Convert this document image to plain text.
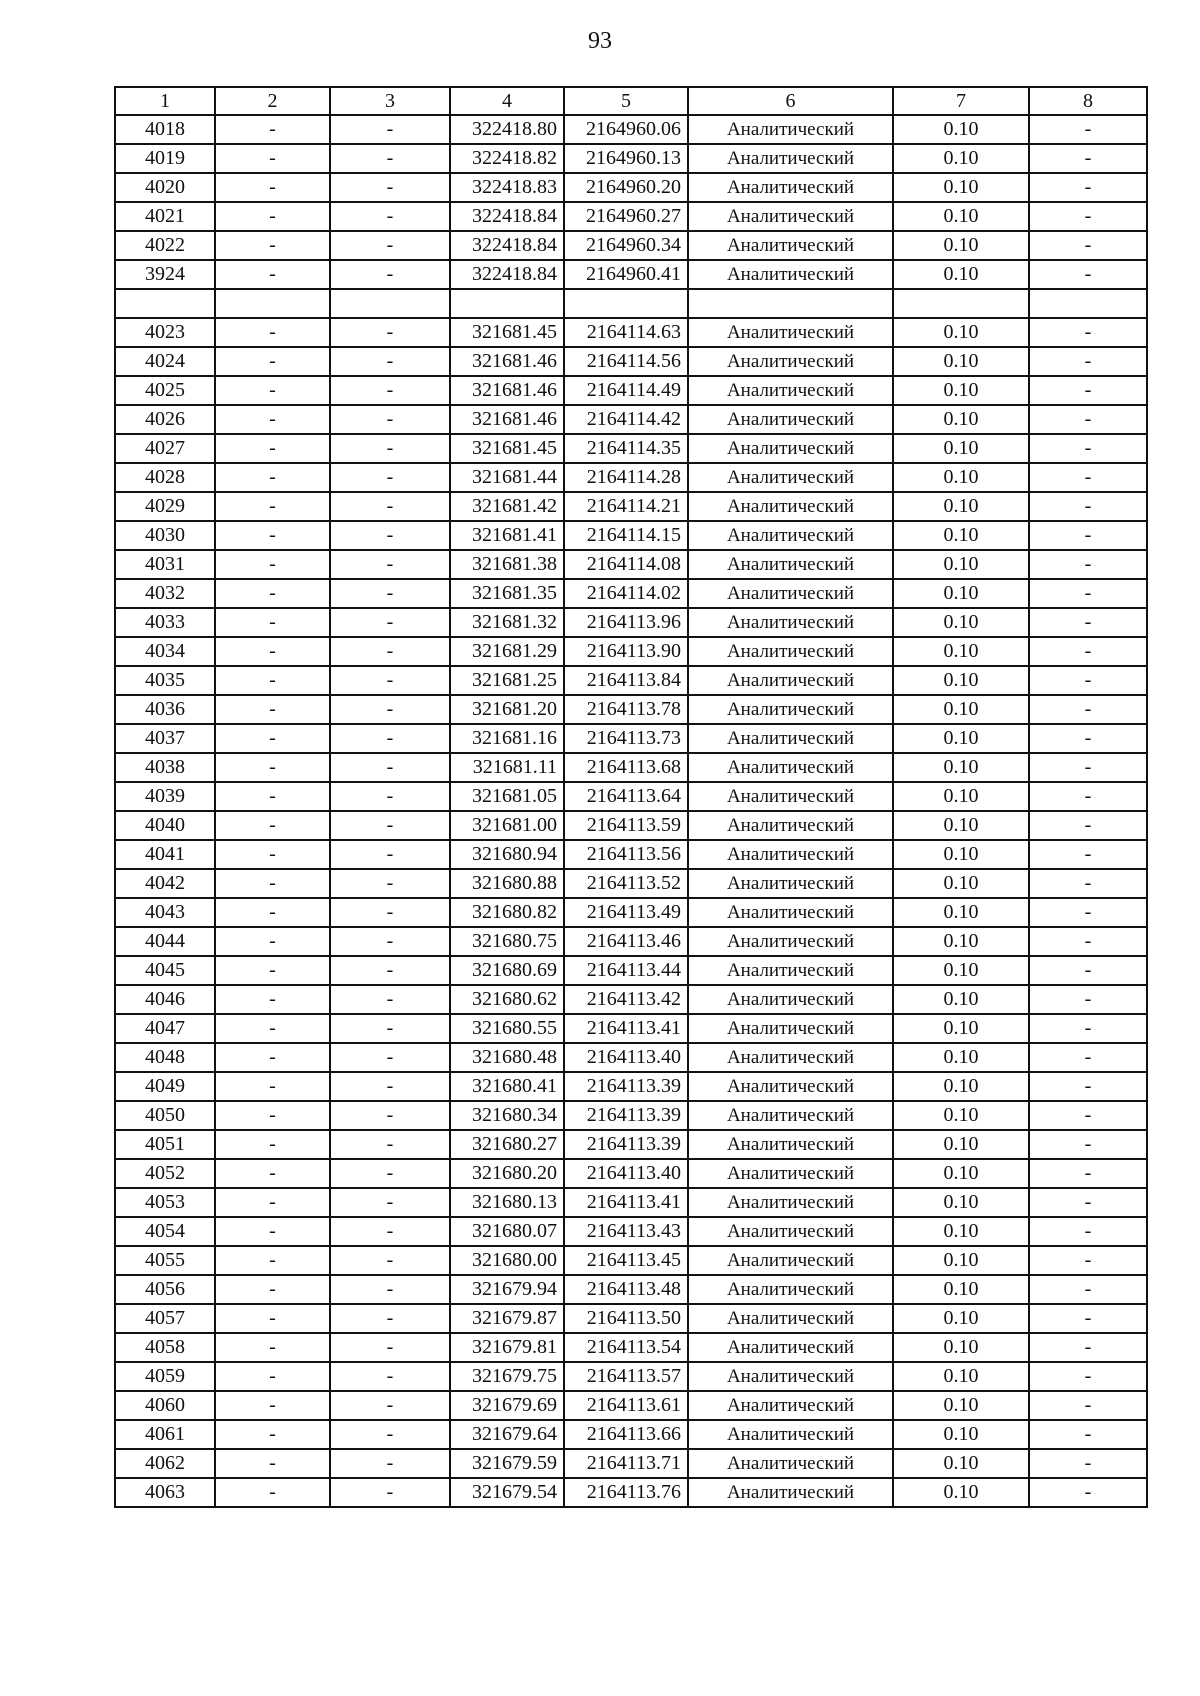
93
1	2	3	4	5	6	7	8
4018	-	-	322418.80	2164960.06	Аналитический	0.10	-
4019	-	-	322418.82	2164960.13	Аналитический	0.10	-
4020	-	-	322418.83	2164960.20	Аналитический	0.10	-
4021	-	-	322418.84	2164960.27	Аналитический	0.10	-
4022	-	-	322418.84	2164960.34	Аналитический	0.10	-
3924	-	-	322418.84	2164960.41	Аналитический	0.10	-

4023	-	-	321681.45	2164114.63	Аналитический	0.10	-
4024	-	-	321681.46	2164114.56	Аналитический	0.10	-
4025	-	-	321681.46	2164114.49	Аналитический	0.10	-
4026	-	-	321681.46	2164114.42	Аналитический	0.10	-
4027	-	-	321681.45	2164114.35	Аналитический	0.10	-
4028	-	-	321681.44	2164114.28	Аналитический	0.10	-
4029	-	-	321681.42	2164114.21	Аналитический	0.10	-
4030	-	-	321681.41	2164114.15	Аналитический	0.10	-
4031	-	-	321681.38	2164114.08	Аналитический	0.10	-
4032	-	-	321681.35	2164114.02	Аналитический	0.10	-
4033	-	-	321681.32	2164113.96	Аналитический	0.10	-
4034	-	-	321681.29	2164113.90	Аналитический	0.10	-
4035	-	-	321681.25	2164113.84	Аналитический	0.10	-
4036	-	-	321681.20	2164113.78	Аналитический	0.10	-
4037	-	-	321681.16	2164113.73	Аналитический	0.10	-
4038	-	-	321681.11	2164113.68	Аналитический	0.10	-
4039	-	-	321681.05	2164113.64	Аналитический	0.10	-
4040	-	-	321681.00	2164113.59	Аналитический	0.10	-
4041	-	-	321680.94	2164113.56	Аналитический	0.10	-
4042	-	-	321680.88	2164113.52	Аналитический	0.10	-
4043	-	-	321680.82	2164113.49	Аналитический	0.10	-
4044	-	-	321680.75	2164113.46	Аналитический	0.10	-
4045	-	-	321680.69	2164113.44	Аналитический	0.10	-
4046	-	-	321680.62	2164113.42	Аналитический	0.10	-
4047	-	-	321680.55	2164113.41	Аналитический	0.10	-
4048	-	-	321680.48	2164113.40	Аналитический	0.10	-
4049	-	-	321680.41	2164113.39	Аналитический	0.10	-
4050	-	-	321680.34	2164113.39	Аналитический	0.10	-
4051	-	-	321680.27	2164113.39	Аналитический	0.10	-
4052	-	-	321680.20	2164113.40	Аналитический	0.10	-
4053	-	-	321680.13	2164113.41	Аналитический	0.10	-
4054	-	-	321680.07	2164113.43	Аналитический	0.10	-
4055	-	-	321680.00	2164113.45	Аналитический	0.10	-
4056	-	-	321679.94	2164113.48	Аналитический	0.10	-
4057	-	-	321679.87	2164113.50	Аналитический	0.10	-
4058	-	-	321679.81	2164113.54	Аналитический	0.10	-
4059	-	-	321679.75	2164113.57	Аналитический	0.10	-
4060	-	-	321679.69	2164113.61	Аналитический	0.10	-
4061	-	-	321679.64	2164113.66	Аналитический	0.10	-
4062	-	-	321679.59	2164113.71	Аналитический	0.10	-
4063	-	-	321679.54	2164113.76	Аналитический	0.10	-
